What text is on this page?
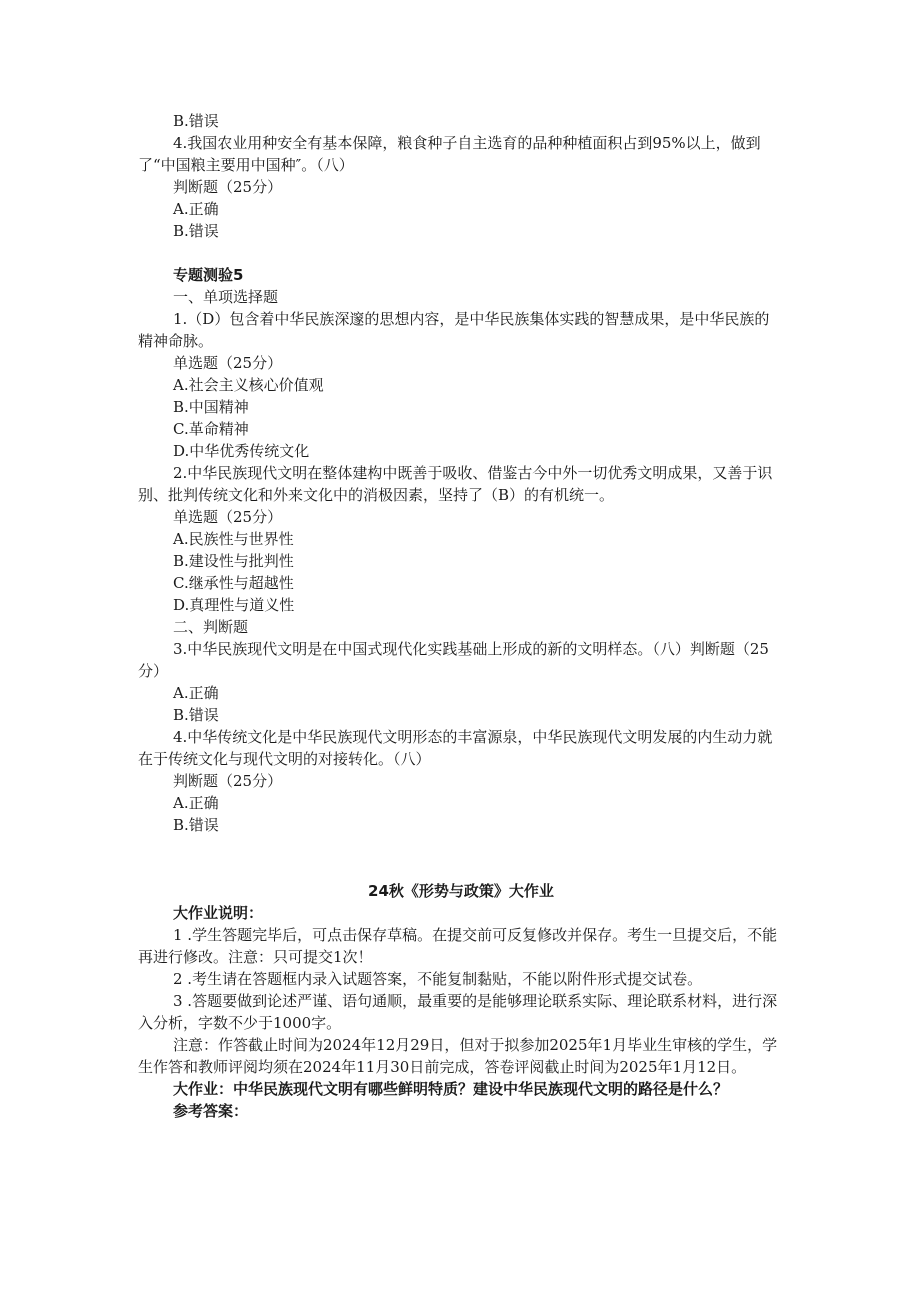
B.错误
4.我国农业用种安全有基本保障，粮食种子自主选育的品种种植面积占到95%以上，做到了“中国粮主要用中国种″。（八）
判断题（25分）
A.正确
B.错误
专题测验5
一、单项选择题
1.（D）包含着中华民族深邃的思想内容，是中华民族集体实践的智慧成果，是中华民族的精神命脉。
单选题（25分）
A.社会主义核心价值观
B.中国精神
C.革命精神
D.中华优秀传统文化
2.中华民族现代文明在整体建构中既善于吸收、借鉴古今中外一切优秀文明成果，又善于识别、批判传统文化和外来文化中的消极因素，坚持了（B）的有机统一。
单选题（25分）
A.民族性与世界性
B.建设性与批判性
C.继承性与超越性
D.真理性与道义性
二、判断题
3.中华民族现代文明是在中国式现代化实践基础上形成的新的文明样态。（八）判断题（25分）
A.正确
B.错误
4.中华传统文化是中华民族现代文明形态的丰富源泉，中华民族现代文明发展的内生动力就在于传统文化与现代文明的对接转化。（八）
判断题（25分）
A.正确
B.错误
24秋《形势与政策》大作业
大作业说明：
1 .学生答题完毕后，可点击保存草稿。在提交前可反复修改并保存。考生一旦提交后，不能再进行修改。注意：只可提交1次！
2 .考生请在答题框内录入试题答案，不能复制黏贴，不能以附件形式提交试卷。
3 .答题要做到论述严谨、语句通顺，最重要的是能够理论联系实际、理论联系材料，进行深入分析，字数不少于1000字。
注意：作答截止时间为2024年12月29日，但对于拟参加2025年1月毕业生审核的学生，学生作答和教师评阅均须在2024年11月30日前完成，答卷评阅截止时间为2025年1月12日。
大作业：中华民族现代文明有哪些鲜明特质？建设中华民族现代文明的路径是什么？
参考答案：
